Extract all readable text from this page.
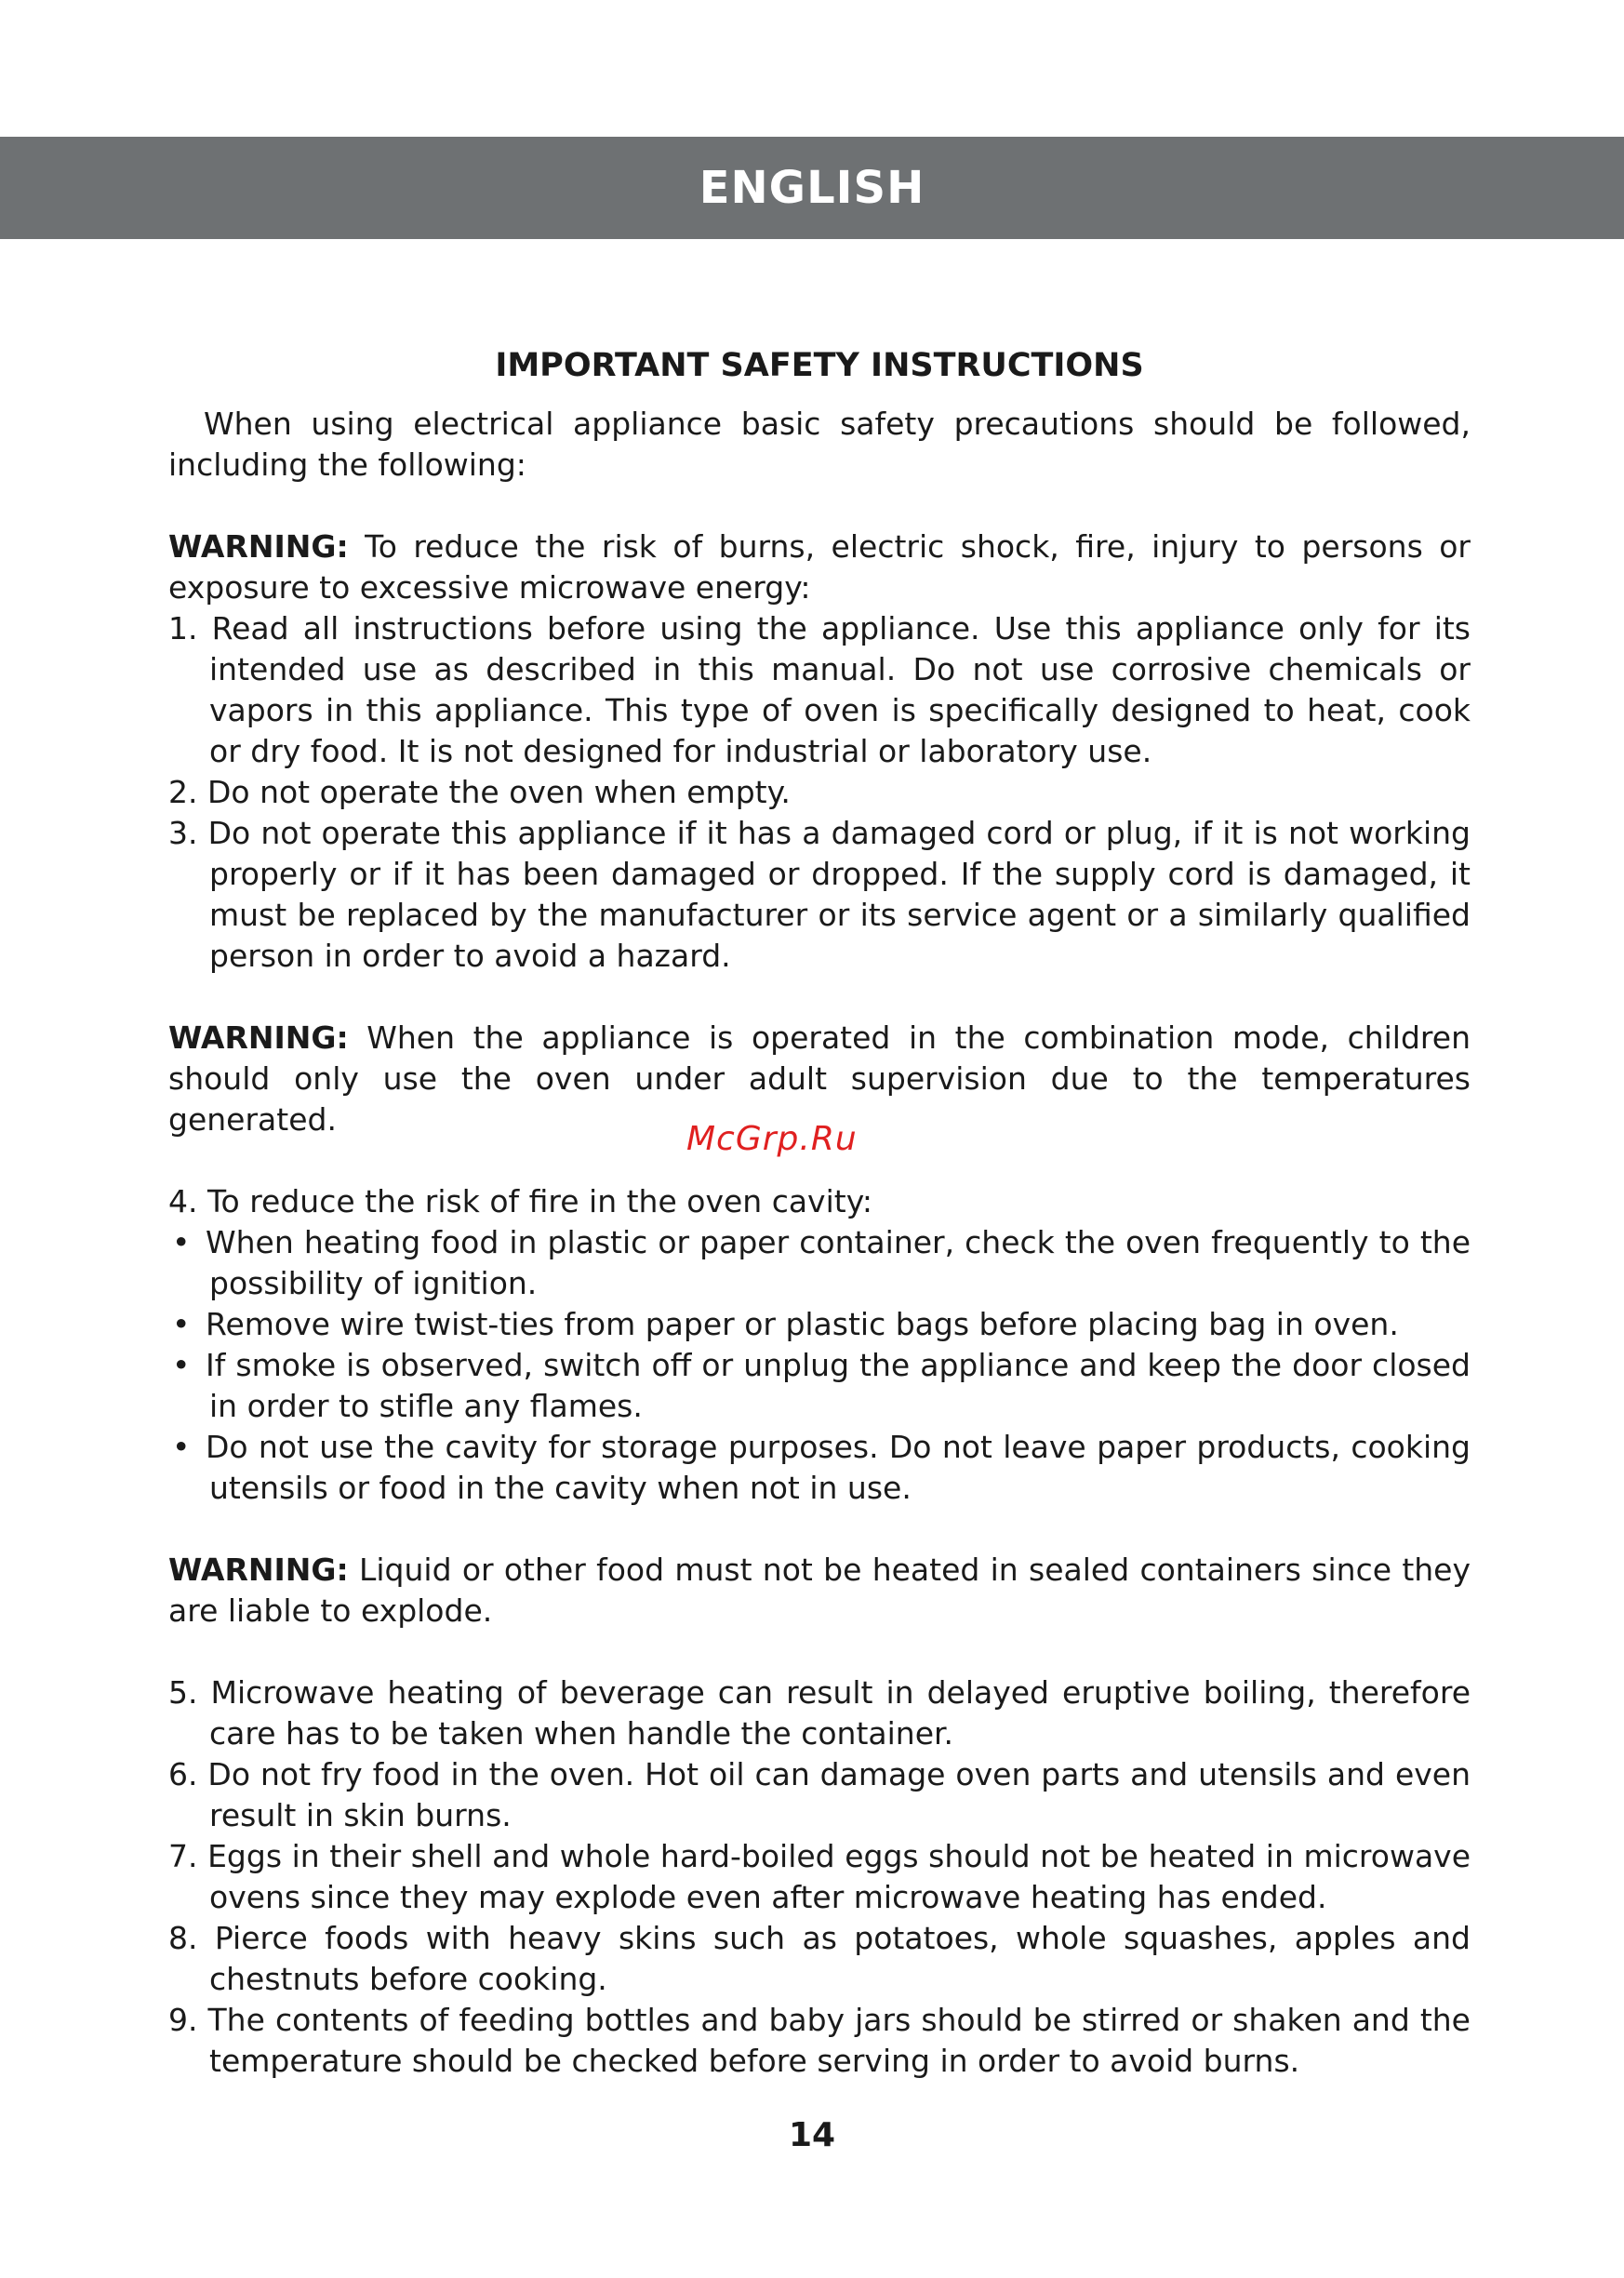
ENGLISH

IMPORTANT SAFETY INSTRUCTIONS

When using electrical appliance basic safety precautions should be followed, including the following:

WARNING: To reduce the risk of burns, electric shock, fire, injury to persons or exposure to excessive microwave energy:

1. Read all instructions before using the appliance. Use this appliance only for its intended use as described in this manual. Do not use corrosive chemicals or vapors in this appliance. This type of oven is specifically designed to heat, cook or dry food. It is not designed for industrial or laboratory use.

2. Do not operate the oven when empty.

3. Do not operate this appliance if it has a damaged cord or plug, if it is not working properly or if it has been damaged or dropped. If the supply cord is damaged, it must be replaced by the manufacturer or its service agent or a similarly qualified person in order to avoid a hazard.

WARNING: When the appliance is operated in the combination mode, children should only use the oven under adult supervision due to the temperatures generated.

4. To reduce the risk of fire in the oven cavity:

• When heating food in plastic or paper container, check the oven frequently to the possibility of ignition.

• Remove wire twist-ties from paper or plastic bags before placing bag in oven.

• If smoke is observed, switch off or unplug the appliance and keep the door closed in order to stifle any flames.

• Do not use the cavity for storage purposes. Do not leave paper products, cooking utensils or food in the cavity when not in use.

WARNING: Liquid or other food must not be heated in sealed containers since they are liable to explode.

5. Microwave heating of beverage can result in delayed eruptive boiling, therefore care has to be taken when handle the container.

6. Do not fry food in the oven. Hot oil can damage oven parts and utensils and even result in skin burns.

7. Eggs in their shell and whole hard-boiled eggs should not be heated in microwave ovens since they may explode even after microwave heating has ended.

8. Pierce foods with heavy skins such as potatoes, whole squashes, apples and chestnuts before cooking.

9. The contents of feeding bottles and baby jars should be stirred or shaken and the temperature should be checked before serving in order to avoid burns.

McGrp.Ru
14
